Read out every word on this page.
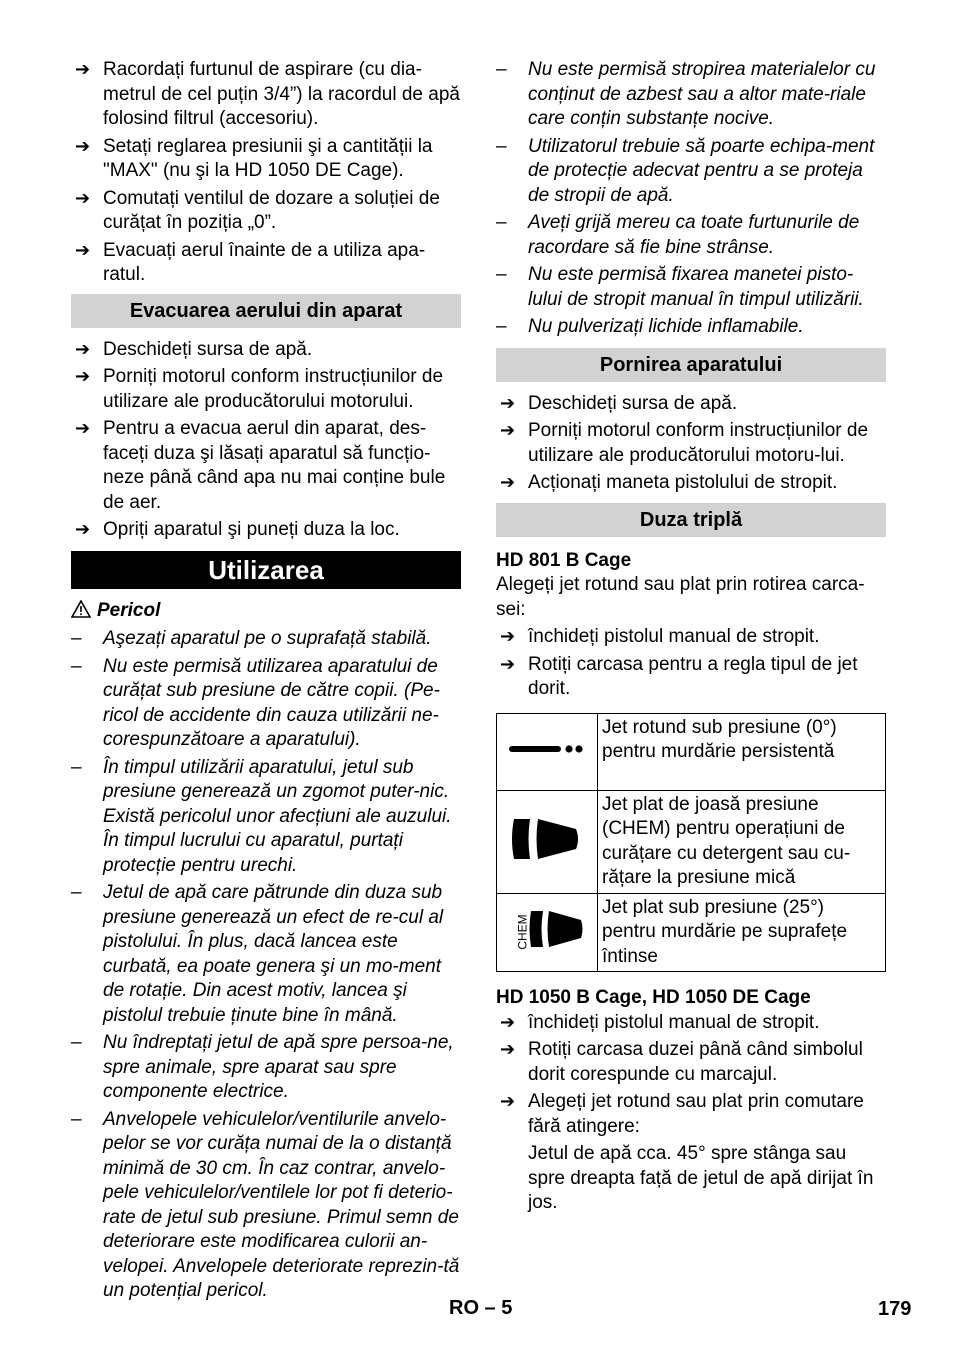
➔ Racordați furtunul de aspirare (cu dia-metrul de cel puțin 3/4”) la racordul de apă folosind filtrul (accesoriu).
➔ Setați reglarea presiunii şi a cantității la "MAX" (nu şi la HD 1050 DE Cage).
➔ Comutați ventilul de dozare a soluției de curățat în poziția „0”.
➔ Evacuați aerul înainte de a utiliza apa-ratul.
Evacuarea aerului din aparat
➔ Deschideți sursa de apă.
➔ Porniți motorul conform instrucțiunilor de utilizare ale producătorului motorului.
➔ Pentru a evacua aerul din aparat, des-faceți duza şi lăsați aparatul să funcțio-neze până când apa nu mai conține bule de aer.
➔ Opriți aparatul şi puneți duza la loc.
Utilizarea
Pericol
– Aşezați aparatul pe o suprafață stabilă.
– Nu este permisă utilizarea aparatului de curățat sub presiune de către copii. (Pe-ricol de accidente din cauza utilizării ne-corespunzătoare a aparatului).
– În timpul utilizării aparatului, jetul sub presiune generează un zgomot puter-nic. Există pericolul unor afecțiuni ale auzului. În timpul lucrului cu aparatul, purtați protecție pentru urechi.
– Jetul de apă care pătrunde din duza sub presiune generează un efect de re-cul al pistolului. În plus, dacă lancea este curbată, ea poate genera şi un mo-ment de rotație. Din acest motiv, lancea şi pistolul trebuie ținute bine în mână.
– Nu îndreptați jetul de apă spre persoa-ne, spre animale, spre aparat sau spre componente electrice.
– Anvelopele vehiculelor/ventilurile anvelo-pelor se vor curăța numai de la o distanță minimă de 30 cm. În caz contrar, anvelo-pele vehiculelor/ventilele lor pot fi deterio-rate de jetul sub presiune. Primul semn de deteriorare este modificarea culorii an-velopei. Anvelopele deteriorate reprezin-tă un potențial pericol.
– Nu este permisă stropirea materialelor cu conținut de azbest sau a altor mate-riale care conțin substanțe nocive.
– Utilizatorul trebuie să poarte echipa-ment de protecție adecvat pentru a se proteja de stropii de apă.
– Aveți grijă mereu ca toate furtunurile de racordare să fie bine strânse.
– Nu este permisă fixarea manetei pisto-lului de stropit manual în timpul utilizării.
– Nu pulverizați lichide inflamabile.
Pornirea aparatului
➔ Deschideți sursa de apă.
➔ Porniți motorul conform instrucțiunilor de utilizare ale producătorului motoru-lui.
➔ Acționați maneta pistolului de stropit.
Duza triplă
HD 801 B Cage
Alegeți jet rotund sau plat prin rotirea carca-sei:
➔ închideți pistolul manual de stropit.
➔ Rotiți carcasa pentru a regla tipul de jet dorit.
	Jet rotund sub presiune (0°) pentru murdărie persistentă
	Jet plat de joasă presiune (CHEM) pentru operațiuni de curățare cu detergent sau cu-rățare la presiune mică

CHEM	Jet plat sub presiune (25°) pentru murdărie pe suprafețe întinse
HD 1050 B Cage, HD 1050 DE Cage
➔ închideți pistolul manual de stropit.
➔ Rotiți carcasa duzei până când simbolul dorit corespunde cu marcajul.
➔ Alegeți jet rotund sau plat prin comutare fără atingere:
Jetul de apă cca. 45° spre stânga sau spre dreapta față de jetul de apă dirijat în jos.
RO – 5	179
